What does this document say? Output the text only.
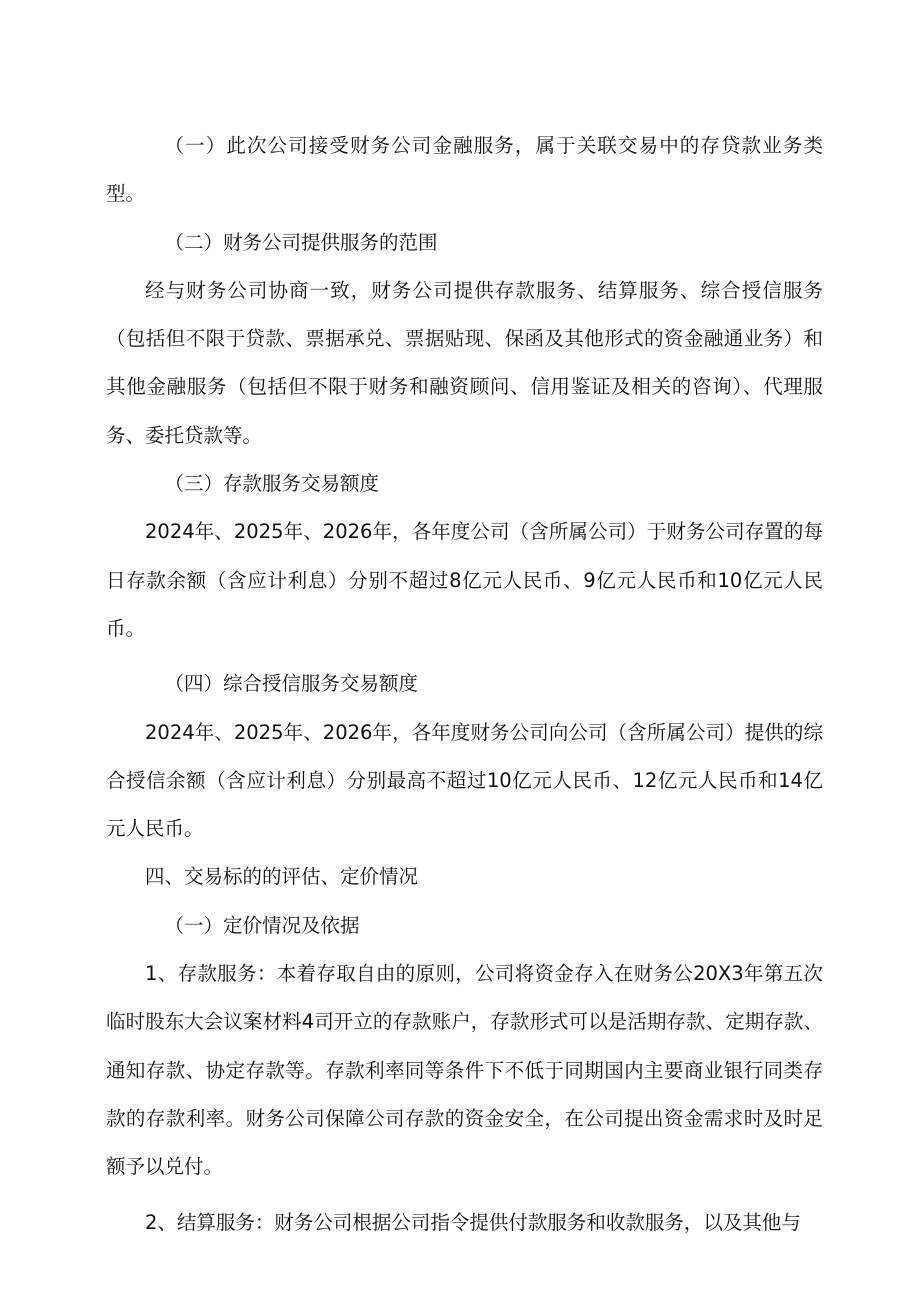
（一）此次公司接受财务公司金融服务，属于关联交易中的存贷款业务类型。

（二）财务公司提供服务的范围

经与财务公司协商一致，财务公司提供存款服务、结算服务、综合授信服务（包括但不限于贷款、票据承兑、票据贴现、保函及其他形式的资金融通业务）和其他金融服务（包括但不限于财务和融资顾问、信用鉴证及相关的咨询）、代理服务、委托贷款等。

（三）存款服务交易额度

2024年、2025年、2026年，各年度公司（含所属公司）于财务公司存置的每日存款余额（含应计利息）分别不超过8亿元人民币、9亿元人民币和10亿元人民币。

（四）综合授信服务交易额度

2024年、2025年、2026年，各年度财务公司向公司（含所属公司）提供的综合授信余额（含应计利息）分别最高不超过10亿元人民币、12亿元人民币和14亿元人民币。

四、交易标的的评估、定价情况

（一）定价情况及依据

1、存款服务：本着存取自由的原则，公司将资金存入在财务公20X3年第五次临时股东大会议案材料4司开立的存款账户，存款形式可以是活期存款、定期存款、通知存款、协定存款等。存款利率同等条件下不低于同期国内主要商业银行同类存款的存款利率。财务公司保障公司存款的资金安全，在公司提出资金需求时及时足额予以兑付。

2、结算服务：财务公司根据公司指令提供付款服务和收款服务，以及其他与
